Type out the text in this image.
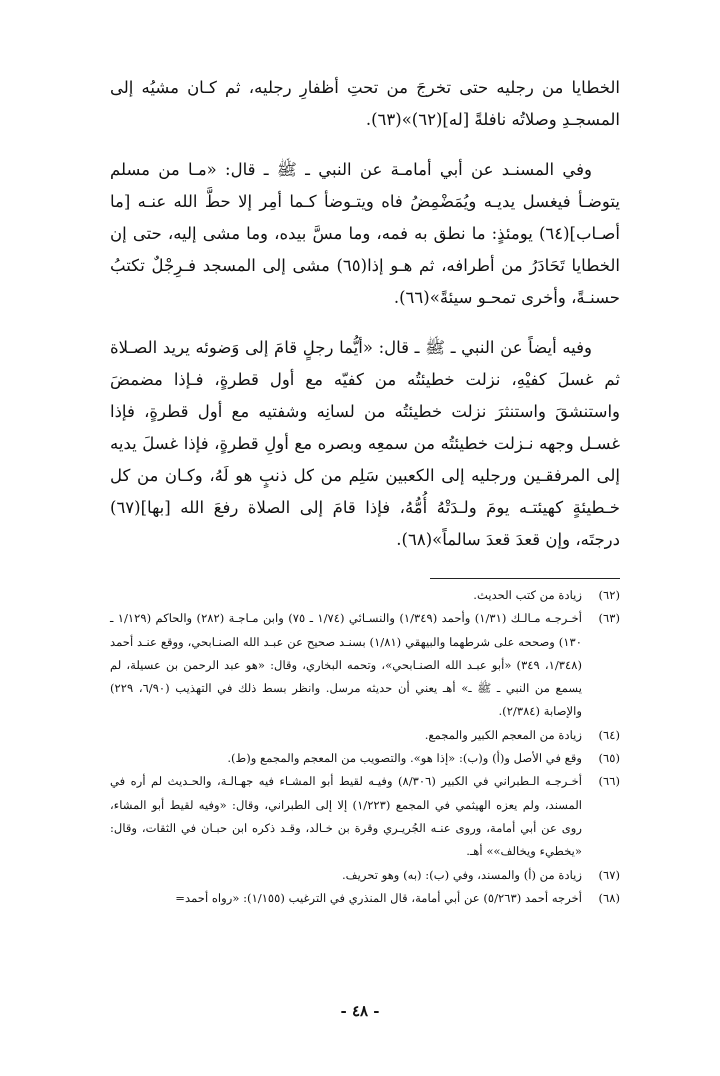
الخطايا من رجليه حتى تخرجَ من تحتِ أظفارِ رجليه، ثم كـان مشيُه إلى المسجـدِ وصلاتُه نافلةً [له](٦٢)»(٦٣).

وفي المسنـد عن أبي أمامـة عن النبي ـ ﷺ ـ قال: «مـا من مسلم يتوضـأ فيغسل يديـه ويُمَضْمِضُ فاه ويتـوضأ كـما أمِر إلا حطَّ الله عنـه [ما أصـاب](٦٤) يومئذٍ: ما نطق به فمه، وما مسَّ بيده، وما مشى إليه، حتى إن الخطايا تَحَادَرُ من أطرافه، ثم هـو إذا(٦٥) مشى إلى المسجد فـرِجْلٌ تكتبُ حسنـةً، وأخرى تمحـو سيئةً»(٦٦).

وفيه أيضاً عن النبي ـ ﷺ ـ قال: «أيُّما رجلٍ قامَ إلى وَضوئه يريد الصـلاة ثم غسلَ كفيْهِ، نزلت خطيئتُه من كفيّه مع أول قطرةٍ، فـإذا مضمضَ واستنشقَ واستنثرَ نزلت خطيئتُه من لسانِه وشفتيه مع أول قطرةٍ، فإذا غسـل وجهه نـزلت خطيئتُه من سمعِه وبصره مع أولِ قطرةٍ، فإذا غسلَ يديه إلى المرفقـين ورجليه إلى الكعبين سَلِم من كل ذنبٍ هو لَهُ، وكـان من كل خـطيئةٍ كهيئتـه يومَ ولـدَتْهُ أُمُّهُ، فإذا قامَ إلى الصلاة رفعَ الله [بها](٦٧) درجتَه، وإن قعدَ قعدَ سالماً»(٦٨).

(٦٢)
زيادة من كتب الحديث.
(٦٣)
أخـرجـه مـالـك (١/٣١) وأحمد (١/٣٤٩) والنسـائي (١/٧٤ ـ ٧٥) وابن مـاجـة (٢٨٢) والحاكم (١/١٢٩ ـ ١٣٠) وصححه على شرطهما والبيهقي (١/٨١) بسنـد صحيح عن عبـد الله الصنـابحي، ووقع عنـد أحمد (١/٣٤٨، ٣٤٩) «أبو عبـد الله الصنـابحي»، وتحمه البخاري، وقال: «هو عبد الرحمن بن عسيلة، لم يسمع من النبي ـ ﷺ ـ» أهـ يعني أن حديثه مرسل. وانظر بسط ذلك في التهذيب (٦/٩٠، ٢٢٩) والإصابة (٢/٣٨٤).
(٦٤)
زيادة من المعجم الكبير والمجمع.
(٦٥)
وقع في الأصل و(أ) و(ب): «إذا هو». والتصويب من المعجم والمجمع و(ط).
(٦٦)
أخـرجـه الـطبراني في الكبير (٨/٣٠٦) وفيـه لقيط أبو المشـاء فيه جهـالـة، والحـديث لم أره في المسند، ولم يعزه الهيثمي في المجمع (١/٢٢٣) إلا إلى الطبراني، وقال: «وفيه لقيط أبو المشاء، روى عن أبي أمامة، وروى عنـه الجُريـري وقرة بن خـالد، وقـد ذكره ابن حبـان في الثقات، وقال: «يخطيء ويخالف»» أهـ.
(٦٧)
زيادة من (أ) والمسند، وفي (ب): (به) وهو تحريف.
(٦٨)
أخرجه أحمد (٥/٢٦٣) عن أبي أمامة، قال المنذري في الترغيب (١/١٥٥): «رواه أحمد=
- ٤٨ -
